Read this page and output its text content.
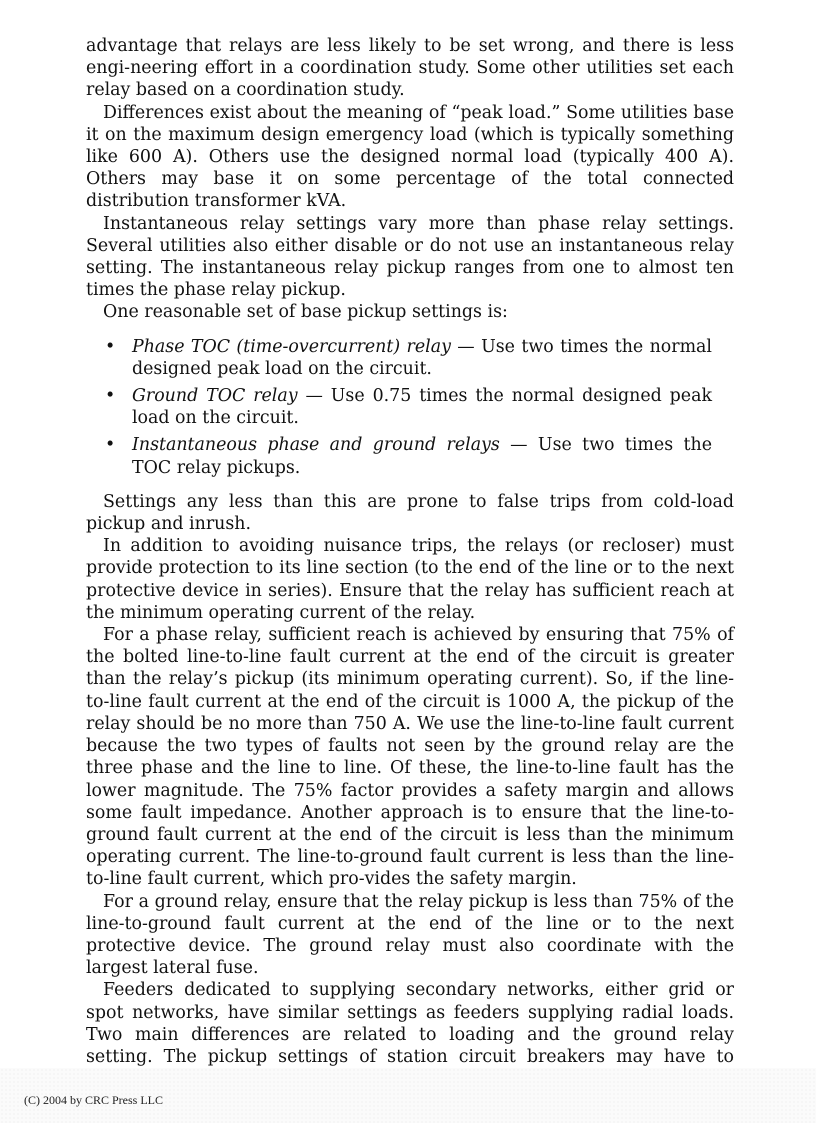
advantage that relays are less likely to be set wrong, and there is less engi-neering effort in a coordination study. Some other utilities set each relay based on a coordination study.

Differences exist about the meaning of “peak load.” Some utilities base it on the maximum design emergency load (which is typically something like 600 A). Others use the designed normal load (typically 400 A). Others may base it on some percentage of the total connected distribution transformer kVA.

Instantaneous relay settings vary more than phase relay settings. Several utilities also either disable or do not use an instantaneous relay setting. The instantaneous relay pickup ranges from one to almost ten times the phase relay pickup.

One reasonable set of base pickup settings is:

• Phase TOC (time-overcurrent) relay — Use two times the normal designed peak load on the circuit.
• Ground TOC relay — Use 0.75 times the normal designed peak load on the circuit.
• Instantaneous phase and ground relays — Use two times the TOC relay pickups.

Settings any less than this are prone to false trips from cold-load pickup and inrush.

In addition to avoiding nuisance trips, the relays (or recloser) must provide protection to its line section (to the end of the line or to the next protective device in series). Ensure that the relay has sufficient reach at the minimum operating current of the relay.

For a phase relay, sufficient reach is achieved by ensuring that 75% of the bolted line-to-line fault current at the end of the circuit is greater than the relay’s pickup (its minimum operating current). So, if the line-to-line fault current at the end of the circuit is 1000 A, the pickup of the relay should be no more than 750 A. We use the line-to-line fault current because the two types of faults not seen by the ground relay are the three phase and the line to line. Of these, the line-to-line fault has the lower magnitude. The 75% factor provides a safety margin and allows some fault impedance. Another approach is to ensure that the line-to-ground fault current at the end of the circuit is less than the minimum operating current. The line-to-ground fault current is less than the line-to-line fault current, which pro-vides the safety margin.

For a ground relay, ensure that the relay pickup is less than 75% of the line-to-ground fault current at the end of the line or to the next protective device. The ground relay must also coordinate with the largest lateral fuse.

Feeders dedicated to supplying secondary networks, either grid or spot networks, have similar settings as feeders supplying radial loads. Two main differences are related to loading and the ground relay setting. The pickup settings of station circuit breakers may have to

(C) 2004 by CRC Press LLC
